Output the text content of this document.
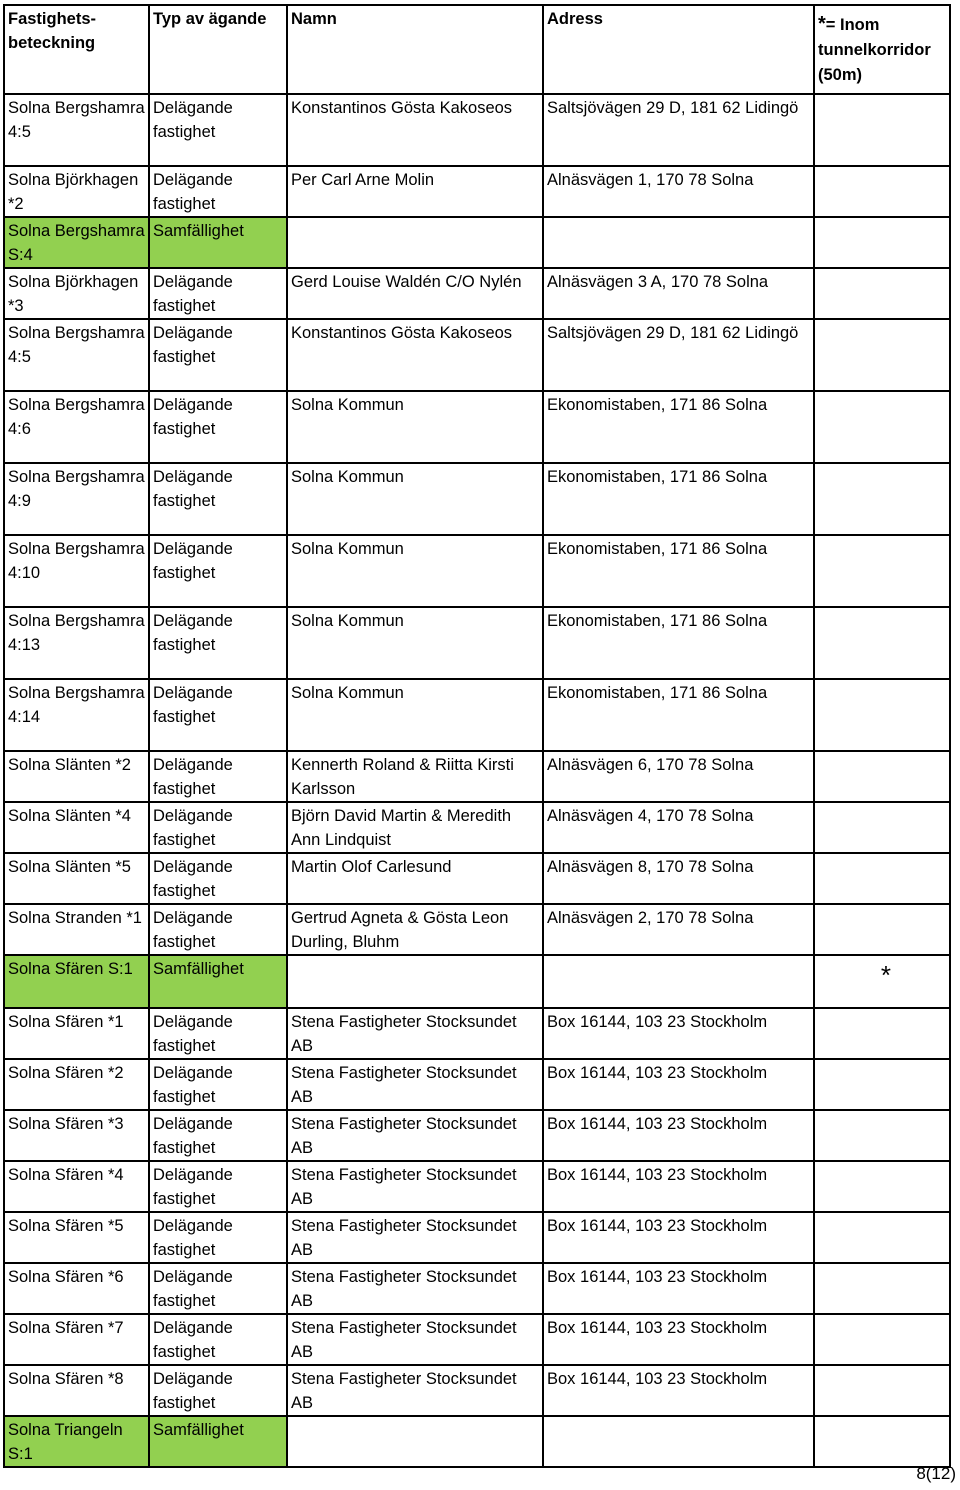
Fastighets- beteckning	Typ av ägande	Namn	Adress	*= Inom tunnelkorridor (50m)
Solna Bergshamra 4:5	Delägande fastighet	Konstantinos Gösta Kakoseos	Saltsjövägen 29 D, 181 62 Lidingö	
Solna Björkhagen *2	Delägande fastighet	Per Carl Arne Molin	Alnäsvägen 1, 170 78 Solna	
Solna Bergshamra S:4	Samfällighet			
Solna Björkhagen *3	Delägande fastighet	Gerd Louise Waldén C/O Nylén	Alnäsvägen 3 A, 170 78 Solna	
Solna Bergshamra 4:5	Delägande fastighet	Konstantinos Gösta Kakoseos	Saltsjövägen 29 D, 181 62 Lidingö	
Solna Bergshamra 4:6	Delägande fastighet	Solna Kommun	Ekonomistaben, 171 86 Solna	
Solna Bergshamra 4:9	Delägande fastighet	Solna Kommun	Ekonomistaben, 171 86 Solna	
Solna Bergshamra 4:10	Delägande fastighet	Solna Kommun	Ekonomistaben, 171 86 Solna	
Solna Bergshamra 4:13	Delägande fastighet	Solna Kommun	Ekonomistaben, 171 86 Solna	
Solna Bergshamra 4:14	Delägande fastighet	Solna Kommun	Ekonomistaben, 171 86 Solna	
Solna Slänten *2	Delägande fastighet	Kennerth Roland & Riitta Kirsti Karlsson	Alnäsvägen 6, 170 78 Solna	
Solna Slänten *4	Delägande fastighet	Björn David Martin & Meredith Ann Lindquist	Alnäsvägen 4, 170 78 Solna	
Solna Slänten *5	Delägande fastighet	Martin Olof Carlesund	Alnäsvägen 8, 170 78 Solna	
Solna Stranden *1	Delägande fastighet	Gertrud Agneta & Gösta Leon Durling, Bluhm	Alnäsvägen 2, 170 78 Solna	
Solna Sfären S:1	Samfällighet			*
Solna Sfären *1	Delägande fastighet	Stena Fastigheter Stocksundet AB	Box 16144, 103 23 Stockholm	
Solna Sfären *2	Delägande fastighet	Stena Fastigheter Stocksundet AB	Box 16144, 103 23 Stockholm	
Solna Sfären *3	Delägande fastighet	Stena Fastigheter Stocksundet AB	Box 16144, 103 23 Stockholm	
Solna Sfären *4	Delägande fastighet	Stena Fastigheter Stocksundet AB	Box 16144, 103 23 Stockholm	
Solna Sfären *5	Delägande fastighet	Stena Fastigheter Stocksundet AB	Box 16144, 103 23 Stockholm	
Solna Sfären *6	Delägande fastighet	Stena Fastigheter Stocksundet AB	Box 16144, 103 23 Stockholm	
Solna Sfären *7	Delägande fastighet	Stena Fastigheter Stocksundet AB	Box 16144, 103 23 Stockholm	
Solna Sfären *8	Delägande fastighet	Stena Fastigheter Stocksundet AB	Box 16144, 103 23 Stockholm	
Solna Triangeln S:1	Samfällighet			
8(12)
